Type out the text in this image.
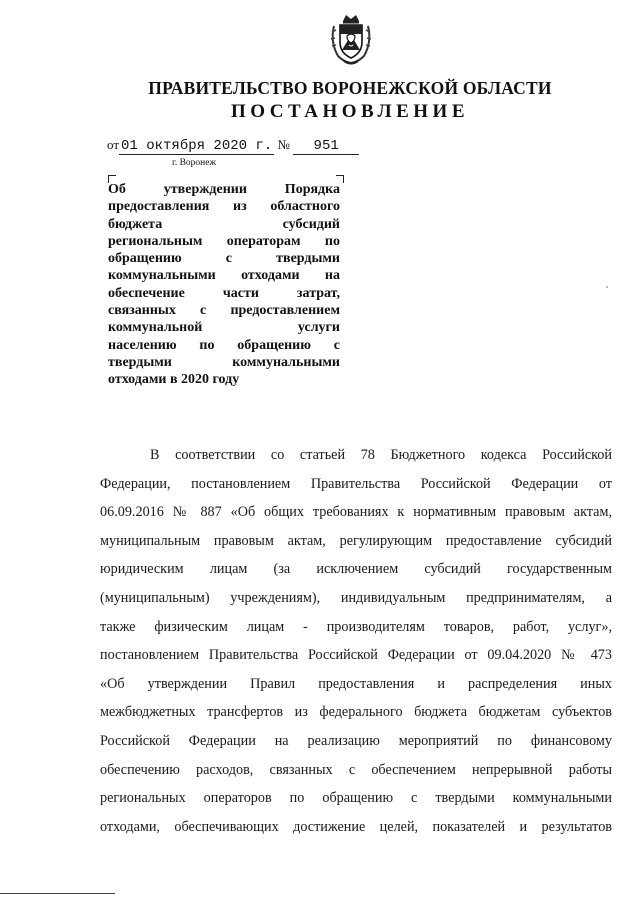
ПРАВИТЕЛЬСТВО ВОРОНЕЖСКОЙ ОБЛАСТИ
ПОСТАНОВЛЕНИЕ
от 01 октября 2020 г. № 951
г. Воронеж
Об утверждении Порядка
предоставления из областного
бюджета субсидий
региональным операторам по
обращению с твердыми
коммунальными отходами на
обеспечение части затрат,
связанных с предоставлением
коммунальной услуги
населению по обращению с
твердыми коммунальными
отходами в 2020 году
В соответствии со статьей 78 Бюджетного кодекса Российской
Федерации, постановлением Правительства Российской Федерации от
06.09.2016 № 887 «Об общих требованиях к нормативным правовым актам,
муниципальным правовым актам, регулирующим предоставление субсидий
юридическим лицам (за исключением субсидий государственным
(муниципальным) учреждениям), индивидуальным предпринимателям, а
также физическим лицам - производителям товаров, работ, услуг»,
постановлением Правительства Российской Федерации от 09.04.2020 № 473
«Об утверждении Правил предоставления и распределения иных
межбюджетных трансфертов из федерального бюджета бюджетам субъектов
Российской Федерации на реализацию мероприятий по финансовому
обеспечению расходов, связанных с обеспечением непрерывной работы
региональных операторов по обращению с твердыми коммунальными
отходами, обеспечивающих достижение целей, показателей и результатов
